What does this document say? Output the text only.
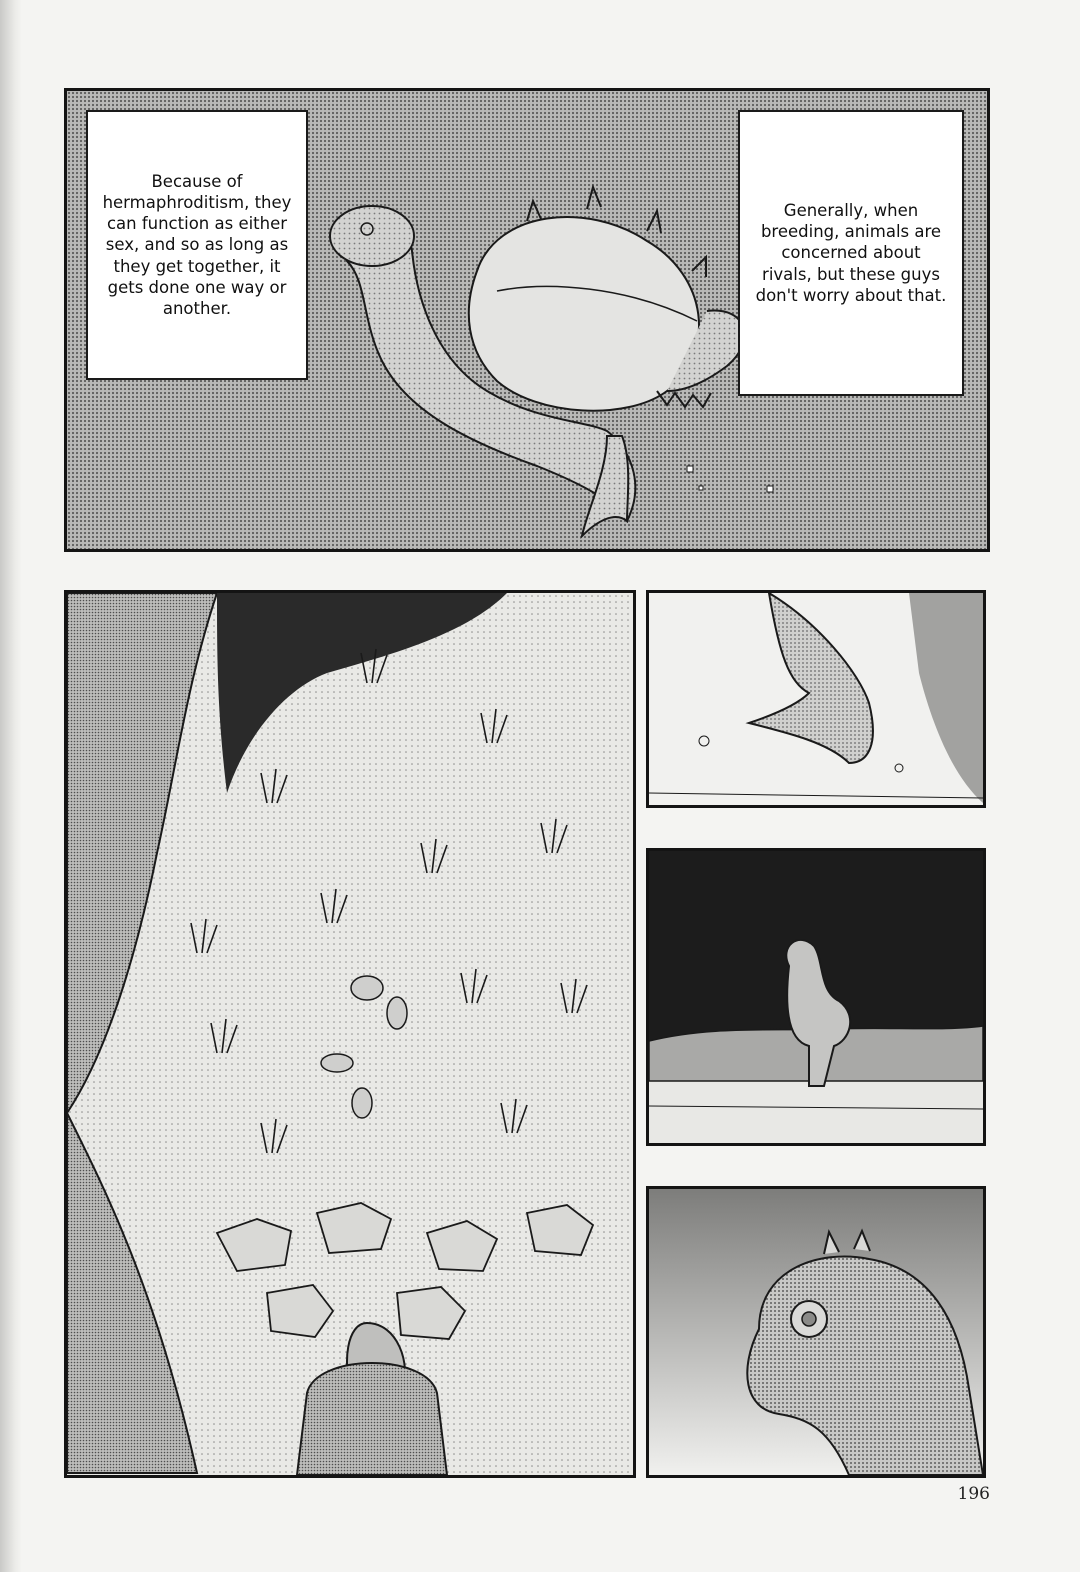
Because of hermaphroditism, they can function as either sex, and so as long as they get together, it gets done one way or another.
Generally, when breeding, animals are concerned about rivals, but these guys don't worry about that.
196
